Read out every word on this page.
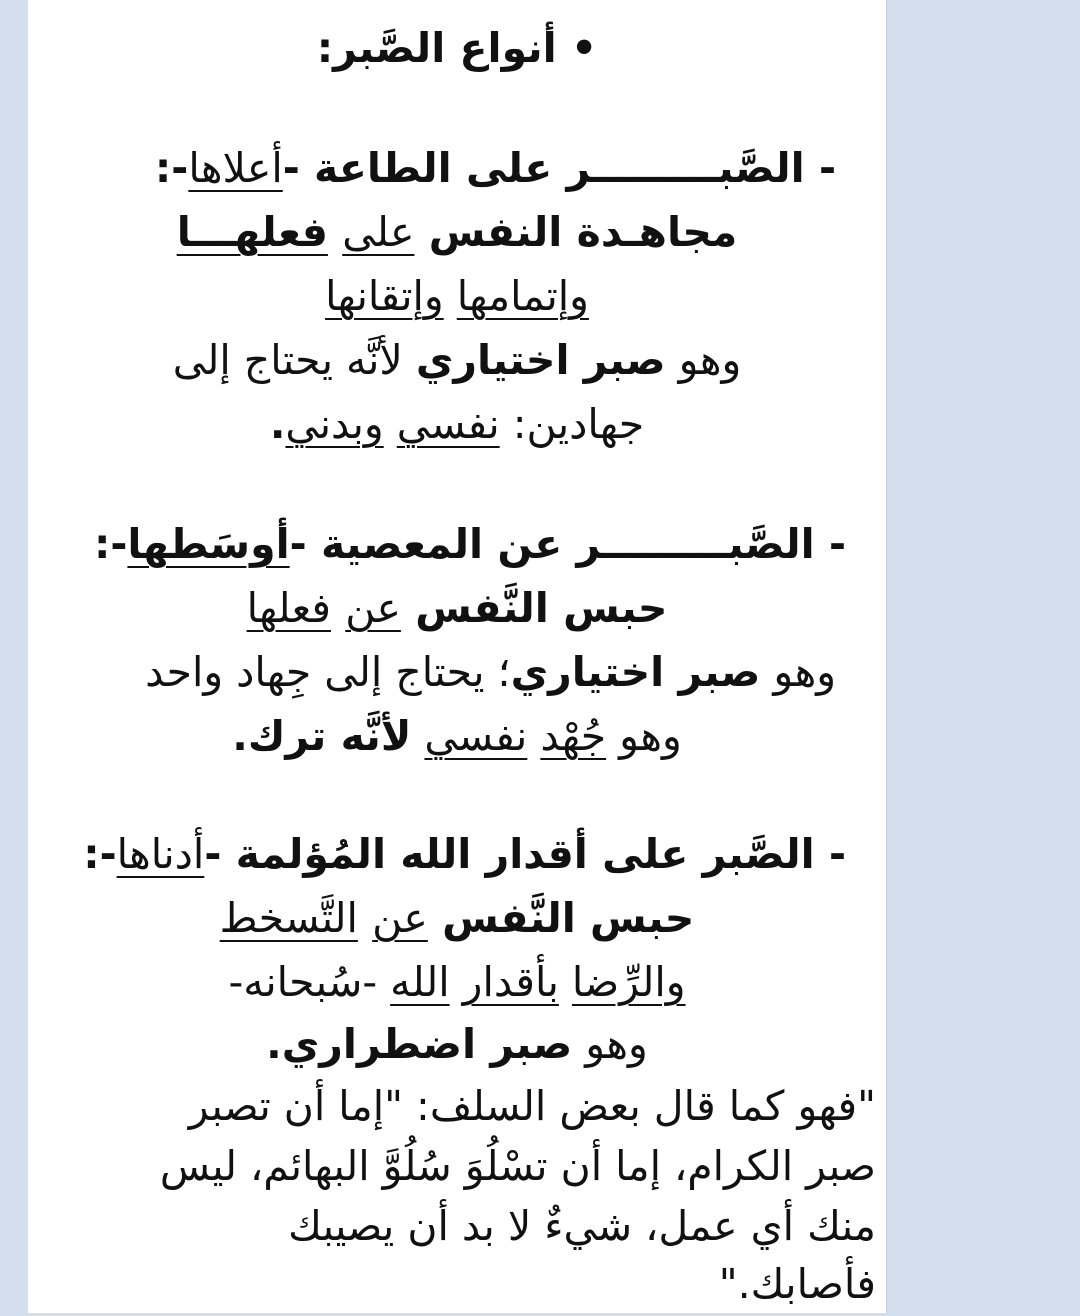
• أنواع الصَّبر:
- الصَّبـــــــــر على الطاعة -أعلاها-:
مجاهـدة النفس على فعلهـــا
وإتمامها وإتقانها
وهو صبر اختياري لأنَّه يحتاج إلى
جهادين: نفسي وبدني.
- الصَّبـــــــــر عن المعصية -أوسَطها-:
حبس النَّفس عن فعلها
وهو صبر اختياري؛ يحتاج إلى جِهاد واحد
وهو جُهْد نفسي لأنَّه ترك.
- الصَّبر على أقدار الله المُؤلمة -أدناها-:
حبس النَّفس عن التَّسخط
والرِّضا بأقدار الله -سُبحانه-
وهو صبر اضطراري.
"فهو كما قال بعض السلف: "إما أن تصبر
صبر الكرام، إما أن تسْلُوَ سُلُوَّ البهائم، ليس
منك أي عمل، شيءٌ لا بد أن يصيبك
فأصابك."
